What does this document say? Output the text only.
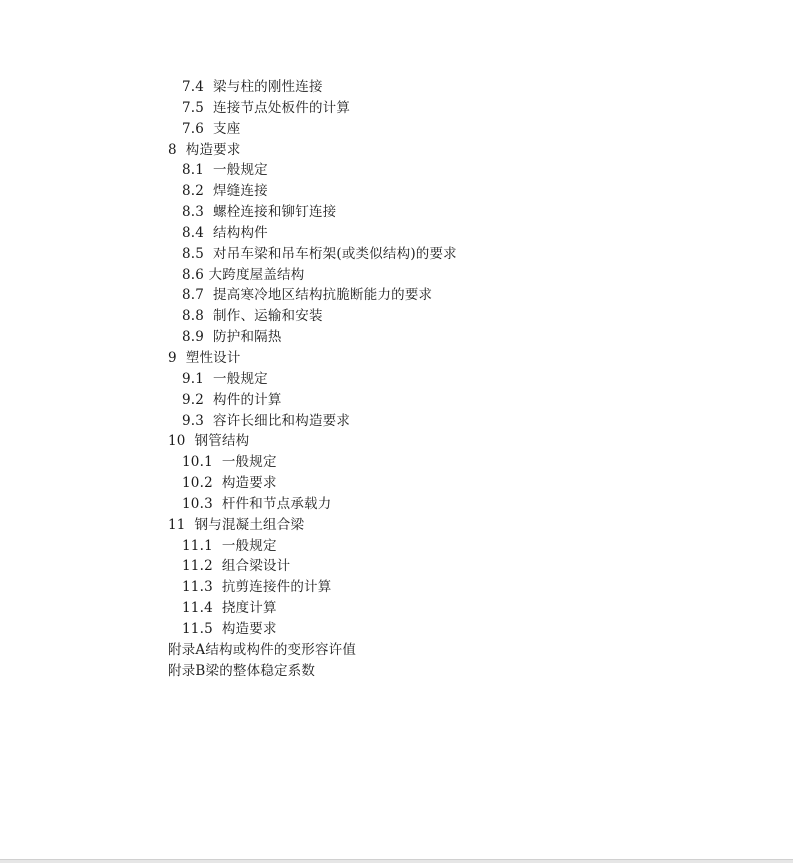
7.4  梁与柱的刚性连接
7.5  连接节点处板件的计算
7.6  支座
8  构造要求
8.1  一般规定
8.2  焊缝连接
8.3  螺栓连接和铆钉连接
8.4  结构构件
8.5  对吊车梁和吊车桁架(或类似结构)的要求
8.6 大跨度屋盖结构
8.7  提高寒冷地区结构抗脆断能力的要求
8.8  制作、运输和安装
8.9  防护和隔热
9  塑性设计
9.1  一般规定
9.2  构件的计算
9.3  容许长细比和构造要求
10  钢管结构
10.1  一般规定
10.2  构造要求
10.3  杆件和节点承载力
11  钢与混凝土组合梁
11.1  一般规定
11.2  组合梁设计
11.3  抗剪连接件的计算
11.4  挠度计算
11.5  构造要求
附录A结构或构件的变形容许值
附录B梁的整体稳定系数
